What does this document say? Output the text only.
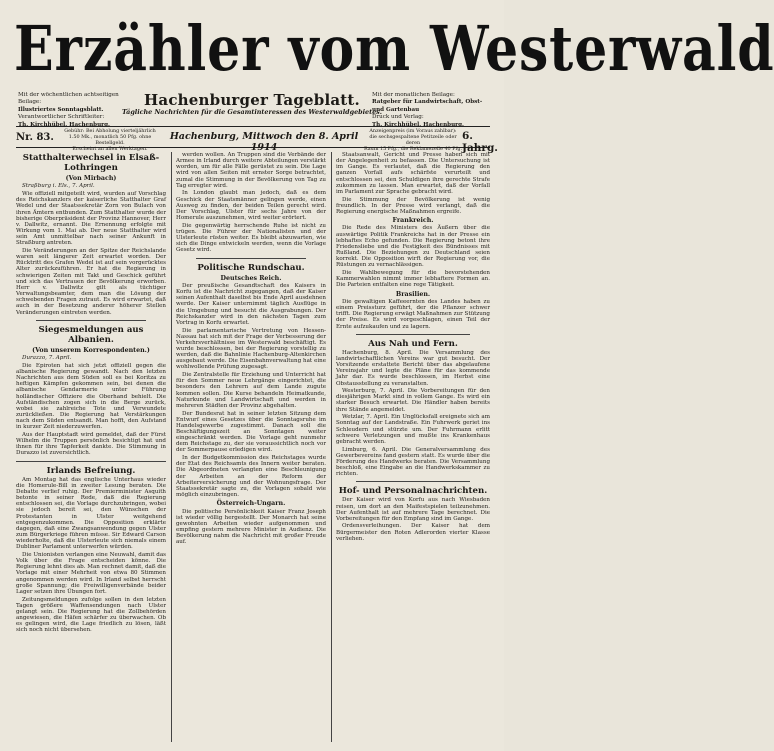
Erzähler vom Westerwald
Mit der wöchentlichen achtseitigen Beilage:
Illustriertes Sonntagsblatt.
Verantwortlicher Schriftleiter:
Th. Kirchhübel, Hachenburg.
Hachenburger Tageblatt.
Tägliche Nachrichten für die Gesamtinteressen des Westerwaldgebietes.
Mit der monatlichen Beilage:
Ratgeber für Landwirtschaft, Obst- und Gartenbau
Druck und Verlag:
Th. Kirchhübel, Hachenburg.
Nr. 83.
Gebühr: Bei Abholung vierteljährlich
1.50 Mk., monatlich 50 Pfg. ohne Bestellgeld.
Erscheint an allen Werktagen.
Hachenburg, Mittwoch den 8. April 1914
Anzeigenpreis (im Voraus zahlbar):
die sechsgespaltene Petitzeile oder deren
Raum 15 Pfg., die Reklamezeile 40 Pfg.
6. Jahrg.
Statthalterwechsel in Elsaß-Lothringen
(Von Mirbach)

Straßburg i. Els., 7. April.

Wie offiziell mitgeteilt wird, wurden auf Vorschlag des Reichskanzlers der kaiserliche Statthalter Graf Wedel und der Staatssekretär Zorn von Bulach von ihren Ämtern entbunden. Zum Statthalter wurde der bisherige Oberpräsident der Provinz Hannover, Herr v. Dallwitz, ernannt. Die Ernennung erfolgte mit Wirkung vom 1. Mai ab. Der neue Statthalter wird sein Amt unmittelbar nach seiner Ankunft in Straßburg antreten.

Die Veränderungen an der Spitze der Reichslande waren seit längerer Zeit erwartet worden. Der Rücktritt des Grafen Wedel ist auf sein vorgerücktes Alter zurückzuführen. Er hat die Regierung in schwierigen Zeiten mit Takt und Geschick geführt und sich das Vertrauen der Bevölkerung erworben. Herr v. Dallwitz gilt als tüchtiger Verwaltungsbeamter, dem man die Lösung der schwebenden Fragen zutraut. Es wird erwartet, daß auch in der Besetzung anderer höherer Stellen Veränderungen eintreten werden.

Siegesmeldungen aus Albanien.
(Von unserem Korrespondenten.)

Durazzo, 7. April.

Die Epiroten hat sich jetzt offiziell gegen die albanische Regierung gewandt. Nach den letzten Nachrichten aus dem Süden soll es bei Koritza zu heftigen Kämpfen gekommen sein, bei denen die albanische Gendarmerie unter Führung holländischer Offiziere die Oberhand behielt. Die Aufständischen zogen sich in die Berge zurück, wobei sie zahlreiche Tote und Verwundete zurückließen. Die Regierung hat Verstärkungen nach dem Süden entsandt. Man hofft, den Aufstand in kurzer Zeit niederzuwerfen.

Aus der Hauptstadt wird gemeldet, daß der Fürst Wilhelm die Truppen persönlich besichtigt hat und ihnen für ihre Tapferkeit dankte. Die Stimmung in Durazzo ist zuversichtlich.

Irlands Befreiung.

Am Montag hat das englische Unterhaus wieder die Homerule-Bill in zweiter Lesung beraten. Die Debatte verlief ruhig. Der Premierminister Asquith betonte in seiner Rede, daß die Regierung entschlossen sei, die Vorlage durchzubringen, wobei sie jedoch bereit sei, den Wünschen der Protestanten in Ulster weitgehend entgegenzukommen. Die Opposition erklärte dagegen, daß eine Zwangsanwendung gegen Ulster zum Bürgerkriege führen müsse. Sir Edward Carson wiederholte, daß die Ulsterleute sich niemals einem Dubliner Parlament unterwerfen würden.

Die Unionisten verlangen eine Neuwahl, damit das Volk über die Frage entscheiden könne. Die Regierung lehnt dies ab. Man rechnet damit, daß die Vorlage mit einer Mehrheit von etwa 80 Stimmen angenommen werden wird. In Irland selbst herrscht große Spannung; die Freiwilligenverbände beider Lager setzen ihre Übungen fort.

Zeitungsmeldungen zufolge sollen in den letzten Tagen größere Waffensendungen nach Ulster gelangt sein. Die Regierung hat die Zollbehörden angewiesen, die Häfen schärfer zu überwachen. Ob es gelingen wird, die Lage friedlich zu lösen, läßt sich noch nicht übersehen.

werden wollen. An Truppen sind die Verbände der Armee in Irland durch weitere Abteilungen verstärkt worden, um für alle Fälle gerüstet zu sein. Die Lage wird von allen Seiten mit ernster Sorge betrachtet, zumal die Stimmung in der Bevölkerung von Tag zu Tag erregter wird.

In London glaubt man jedoch, daß es dem Geschick der Staatsmänner gelingen werde, einen Ausweg zu finden, der beiden Teilen gerecht wird. Der Vorschlag, Ulster für sechs Jahre von der Homerule auszunehmen, wird weiter erörtert.

Die gegenwärtig herrschende Ruhe ist nicht zu trügen. Die Führer der Nationalisten und der Ulsterleute rüsten weiter. Es bleibt abzuwarten, wie sich die Dinge entwickeln werden, wenn die Vorlage Gesetz wird.

Politische Rundschau.
Deutsches Reich.

Der preußische Gesandtschaft des Kaisers in Korfu ist die Nachricht zugegangen, daß der Kaiser seinen Aufenthalt daselbst bis Ende April ausdehnen werde. Der Kaiser unternimmt täglich Ausflüge in die Umgebung und besucht die Ausgrabungen. Der Reichskanzler wird in den nächsten Tagen zum Vortrag in Korfu erwartet.

Die parlamentarische Vertretung von Hessen-Nassau hat sich mit der Frage der Verbesserung der Verkehrsverhältnisse im Westerwald beschäftigt. Es wurde beschlossen, bei der Regierung vorstellig zu werden, daß die Bahnlinie Hachenburg-Altenkirchen ausgebaut werde. Die Eisenbahnverwaltung hat eine wohlwollende Prüfung zugesagt.

Die Zentralstelle für Erziehung und Unterricht hat für den Sommer neue Lehrgänge eingerichtet, die besonders den Lehrern auf dem Lande zugute kommen sollen. Die Kurse behandeln Heimatkunde, Naturkunde und Landwirtschaft und werden in mehreren Städten der Provinz abgehalten.

Der Bundesrat hat in seiner letzten Sitzung dem Entwurf eines Gesetzes über die Sonntagsruhe im Handelsgewerbe zugestimmt. Danach soll die Beschäftigungszeit an Sonntagen weiter eingeschränkt werden. Die Vorlage geht nunmehr dem Reichstage zu, der sie voraussichtlich noch vor der Sommerpause erledigen wird.

In der Budgetkommission des Reichstages wurde der Etat des Reichsamts des Innern weiter beraten. Die Abgeordneten verlangten eine Beschleunigung der Arbeiten an der Reform der Arbeiterversicherung und der Wohnungsfrage. Der Staatssekretär sagte zu, die Vorlagen sobald wie möglich einzubringen.

Österreich-Ungarn.

Die politische Persönlichkeit Kaiser Franz Joseph ist wieder völlig hergestellt. Der Monarch hat seine gewohnten Arbeiten wieder aufgenommen und empfing gestern mehrere Minister in Audienz. Die Bevölkerung nahm die Nachricht mit großer Freude auf.

Staatsanwalt, Gericht und Presse haben sich mit der Angelegenheit zu befassen. Die Untersuchung ist im Gange. Es verlautet, daß die Regierung den ganzen Vorfall aufs schärfste verurteilt und entschlossen sei, den Schuldigen ihre gerechte Strafe zukommen zu lassen. Man erwartet, daß der Vorfall im Parlament zur Sprache gebracht wird.

Die Stimmung der Bevölkerung ist wenig freundlich. In der Presse wird verlangt, daß die Regierung energische Maßnahmen ergreife.

Frankreich.

Die Rede des Ministers des Äußern über die auswärtige Politik Frankreichs hat in der Presse ein lebhaftes Echo gefunden. Die Regierung betont ihre Friedensliebe und die Festigkeit des Bündnisses mit Rußland. Die Beziehungen zu Deutschland seien korrekt. Die Opposition wirft der Regierung vor, die Rüstungen zu vernachlässigen.

Die Wahlbewegung für die bevorstehenden Kammerwahlen nimmt immer lebhaftere Formen an. Die Parteien entfalten eine rege Tätigkeit.

Brasilien.

Die gewaltigen Kaffeeernten des Landes haben zu einem Preissturz geführt, der die Pflanzer schwer trifft. Die Regierung erwägt Maßnahmen zur Stützung der Preise. Es wird vorgeschlagen, einen Teil der Ernte aufzukaufen und zu lagern.

Aus Nah und Fern.

Hachenburg, 8. April. Die Versammlung des landwirtschaftlichen Vereins war gut besucht. Der Vorsitzende erstattete Bericht über das abgelaufene Vereinsjahr und legte die Pläne für das kommende Jahr dar. Es wurde beschlossen, im Herbst eine Obstausstellung zu veranstalten.

Westerburg, 7. April. Die Vorbereitungen für den diesjährigen Markt sind in vollem Gange. Es wird ein starker Besuch erwartet. Die Händler haben bereits ihre Stände angemeldet.

Wetzlar, 7. April. Ein Unglücksfall ereignete sich am Sonntag auf der Landstraße. Ein Fuhrwerk geriet ins Schleudern und stürzte um. Der Fuhrmann erlitt schwere Verletzungen und mußte ins Krankenhaus gebracht werden.

Limburg, 6. April. Die Generalversammlung des Gewerbevereins fand gestern statt. Es wurde über die Förderung des Handwerks beraten. Die Versammlung beschloß, eine Eingabe an die Handwerkskammer zu richten.

Hof- und Personalnachrichten.

Der Kaiser wird von Korfu aus nach Wiesbaden reisen, um dort an den Maifestspielen teilzunehmen. Der Aufenthalt ist auf mehrere Tage berechnet. Die Vorbereitungen für den Empfang sind im Gange.

Ordensverleihungen. Der Kaiser hat dem Bürgermeister den Roten Adlerorden vierter Klasse verliehen.
